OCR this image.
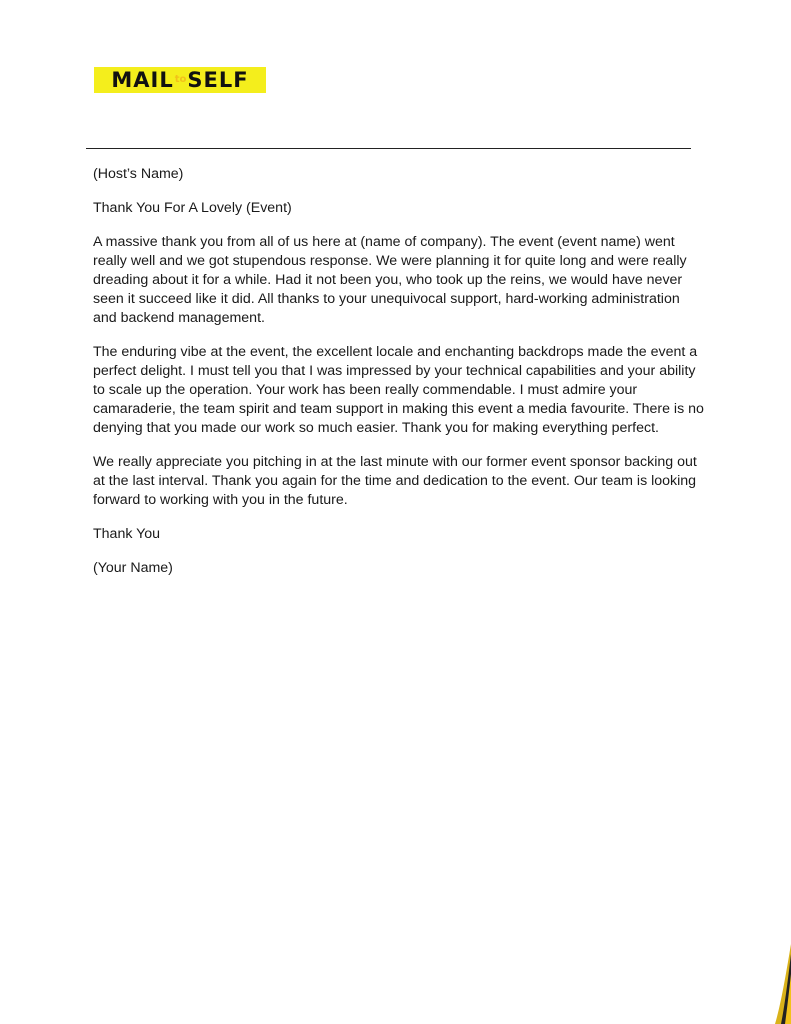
MAIL to SELF

(Host’s Name)

Thank You For A Lovely (Event)

A massive thank you from all of us here at (name of company). The event (event name) went really well and we got stupendous response. We were planning it for quite long and were really dreading about it for a while. Had it not been you, who took up the reins, we would have never seen it succeed like it did. All thanks to your unequivocal support, hard-working administration and backend management.

The enduring vibe at the event, the excellent locale and enchanting backdrops made the event a perfect delight. I must tell you that I was impressed by your technical capabilities and your ability to scale up the operation. Your work has been really commendable. I must admire your camaraderie, the team spirit and team support in making this event a media favourite. There is no denying that you made our work so much easier. Thank you for making everything perfect.

We really appreciate you pitching in at the last minute with our former event sponsor backing out at the last interval. Thank you again for the time and dedication to the event. Our team is looking forward to working with you in the future.

Thank You

(Your Name)
